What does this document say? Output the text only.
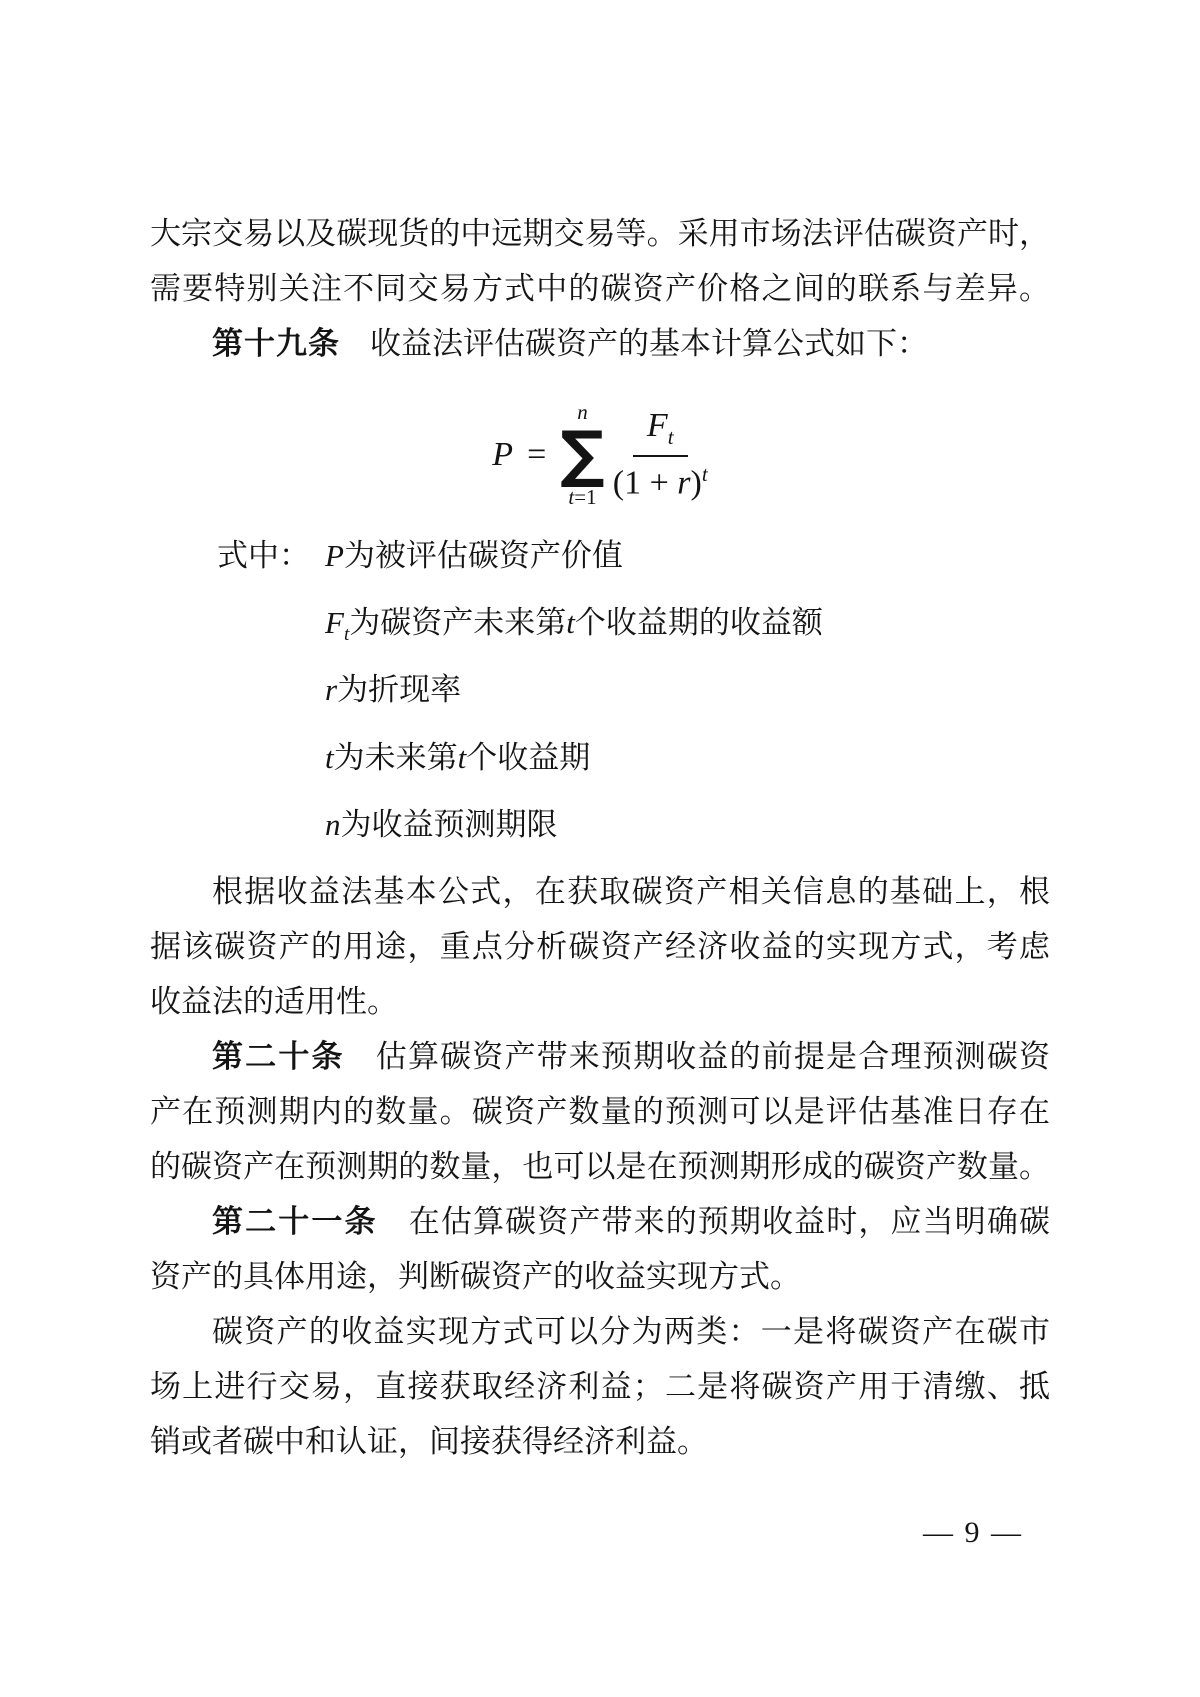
大宗交易以及碳现货的中远期交易等。采用市场法评估碳资产时，
需要特别关注不同交易方式中的碳资产价格之间的联系与差异。
第十九条 收益法评估碳资产的基本计算公式如下：
P =
n
∑
$t=1 \frac{F_t}{(1 + r)^t}$
式中： P为被评估碳资产价值
$F_t$为碳资产未来第t个收益期的收益额
r为折现率
t为未来第t个收益期
n为收益预测期限
根据收益法基本公式，在获取碳资产相关信息的基础上，根
据该碳资产的用途，重点分析碳资产经济收益的实现方式，考虑
收益法的适用性。
第二十条 估算碳资产带来预期收益的前提是合理预测碳资
产在预测期内的数量。碳资产数量的预测可以是评估基准日存在
的碳资产在预测期的数量，也可以是在预测期形成的碳资产数量。
第二十一条 在估算碳资产带来的预期收益时，应当明确碳
资产的具体用途，判断碳资产的收益实现方式。
碳资产的收益实现方式可以分为两类：一是将碳资产在碳市
场上进行交易，直接获取经济利益；二是将碳资产用于清缴、抵
销或者碳中和认证，间接获得经济利益。
— 9 —
